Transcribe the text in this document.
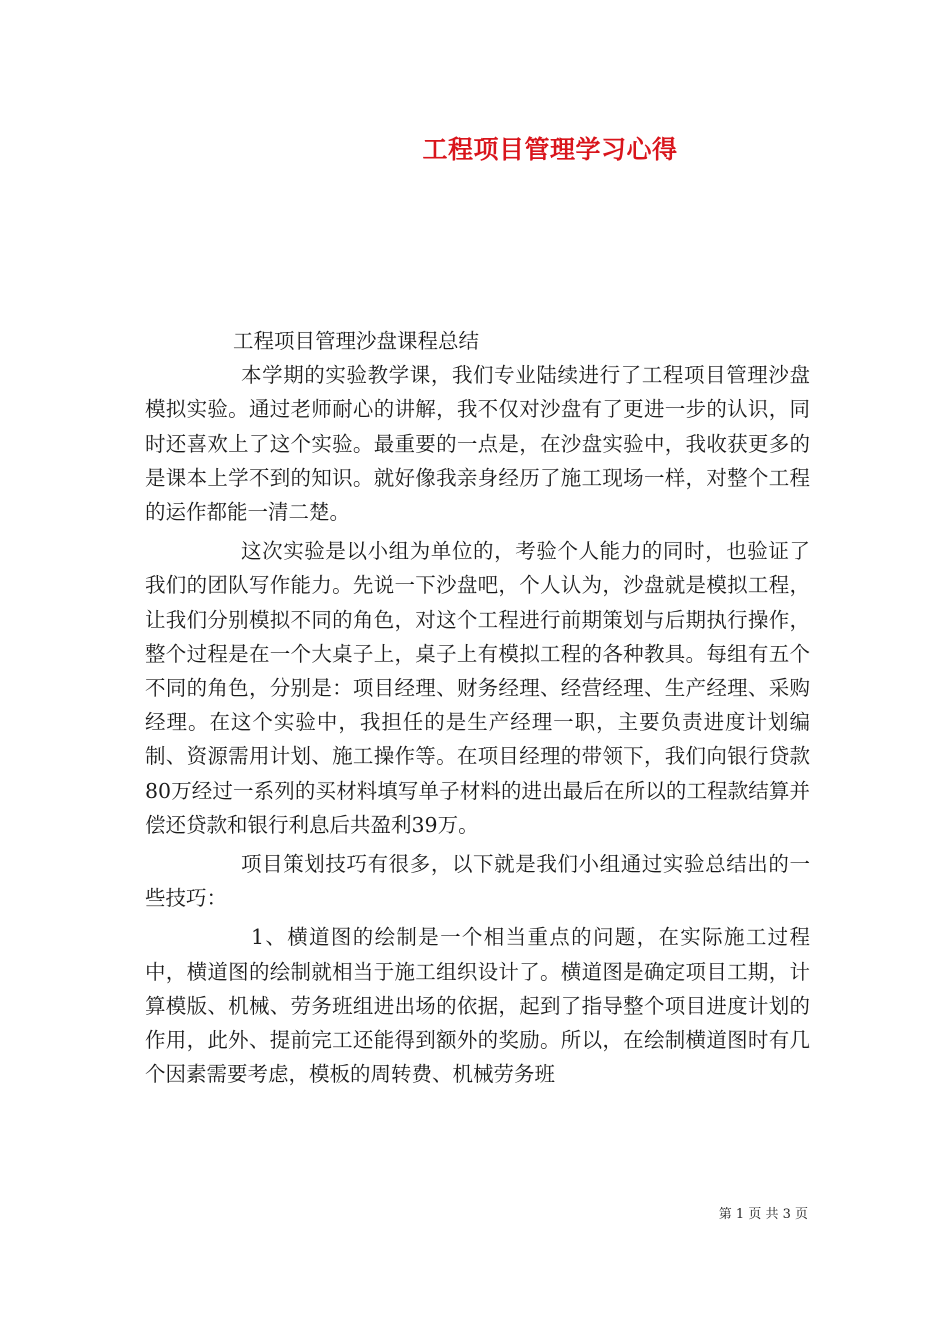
工程项目管理学习心得

工程项目管理沙盘课程总结

本学期的实验教学课，我们专业陆续进行了工程项目管理沙盘模拟实验。通过老师耐心的讲解，我不仅对沙盘有了更进一步的认识，同时还喜欢上了这个实验。最重要的一点是，在沙盘实验中，我收获更多的是课本上学不到的知识。就好像我亲身经历了施工现场一样，对整个工程的运作都能一清二楚。

这次实验是以小组为单位的，考验个人能力的同时，也验证了我们的团队写作能力。先说一下沙盘吧，个人认为，沙盘就是模拟工程，让我们分别模拟不同的角色，对这个工程进行前期策划与后期执行操作，整个过程是在一个大桌子上，桌子上有模拟工程的各种教具。每组有五个不同的角色，分别是：项目经理、财务经理、经营经理、生产经理、采购经理。在这个实验中，我担任的是生产经理一职，主要负责进度计划编制、资源需用计划、施工操作等。在项目经理的带领下，我们向银行贷款80万经过一系列的买材料填写单子材料的进出最后在所以的工程款结算并偿还贷款和银行利息后共盈利39万。

项目策划技巧有很多，以下就是我们小组通过实验总结出的一些技巧：

1、横道图的绘制是一个相当重点的问题，在实际施工过程中，横道图的绘制就相当于施工组织设计了。横道图是确定项目工期，计算模版、机械、劳务班组进出场的依据，起到了指导整个项目进度计划的作用，此外、提前完工还能得到额外的奖励。所以，在绘制横道图时有几个因素需要考虑，模板的周转费、机械劳务班

第 1 页 共 3 页
